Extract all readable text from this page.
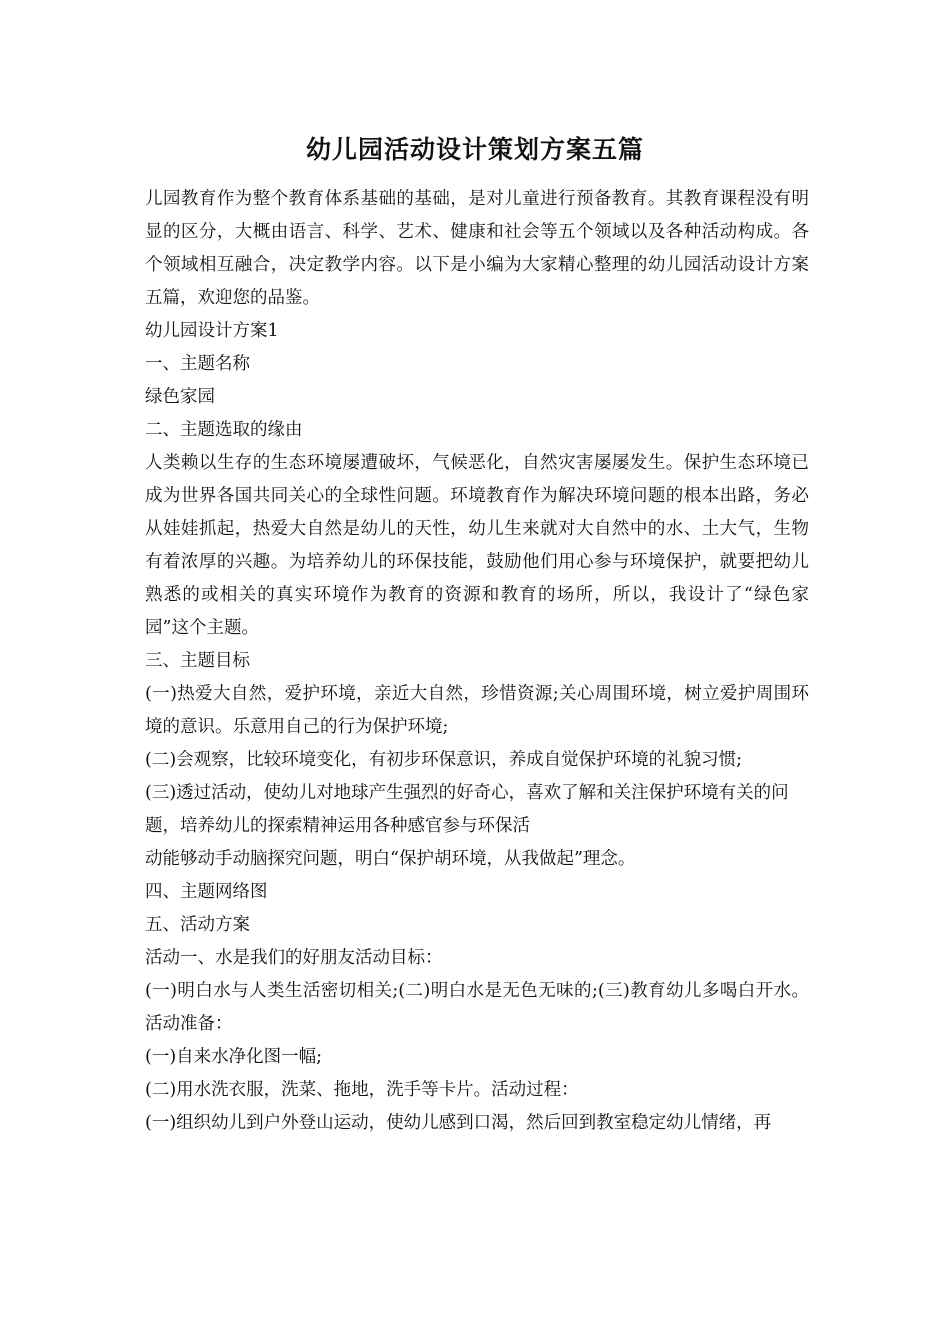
幼儿园活动设计策划方案五篇

儿园教育作为整个教育体系基础的基础，是对儿童进行预备教育。其教育课程没有明显的区分，大概由语言、科学、艺术、健康和社会等五个领域以及各种活动构成。各个领域相互融合，决定教学内容。以下是小编为大家精心整理的幼儿园活动设计方案五篇，欢迎您的品鉴。

幼儿园设计方案1

一、主题名称

绿色家园

二、主题选取的缘由

人类赖以生存的生态环境屡遭破坏，气候恶化，自然灾害屡屡发生。保护生态环境已成为世界各国共同关心的全球性问题。环境教育作为解决环境问题的根本出路，务必从娃娃抓起，热爱大自然是幼儿的天性，幼儿生来就对大自然中的水、土大气，生物有着浓厚的兴趣。为培养幼儿的环保技能，鼓励他们用心参与环境保护，就要把幼儿熟悉的或相关的真实环境作为教育的资源和教育的场所，所以，我设计了“绿色家园”这个主题。

三、主题目标

(一)热爱大自然，爱护环境，亲近大自然，珍惜资源;关心周围环境，树立爱护周围环境的意识。乐意用自己的行为保护环境;

(二)会观察，比较环境变化，有初步环保意识，养成自觉保护环境的礼貌习惯;

(三)透过活动，使幼儿对地球产生强烈的好奇心，喜欢了解和关注保护环境有关的问题，培养幼儿的探索精神运用各种感官参与环保活

动能够动手动脑探究问题，明白“保护胡环境，从我做起”理念。

四、主题网络图

五、活动方案

活动一、水是我们的好朋友活动目标：

(一)明白水与人类生活密切相关;(二)明白水是无色无味的;(三)教育幼儿多喝白开水。活动准备：

(一)自来水净化图一幅;

(二)用水洗衣服，洗菜、拖地，洗手等卡片。活动过程：

(一)组织幼儿到户外登山运动，使幼儿感到口渴，然后回到教室稳定幼儿情绪，再
